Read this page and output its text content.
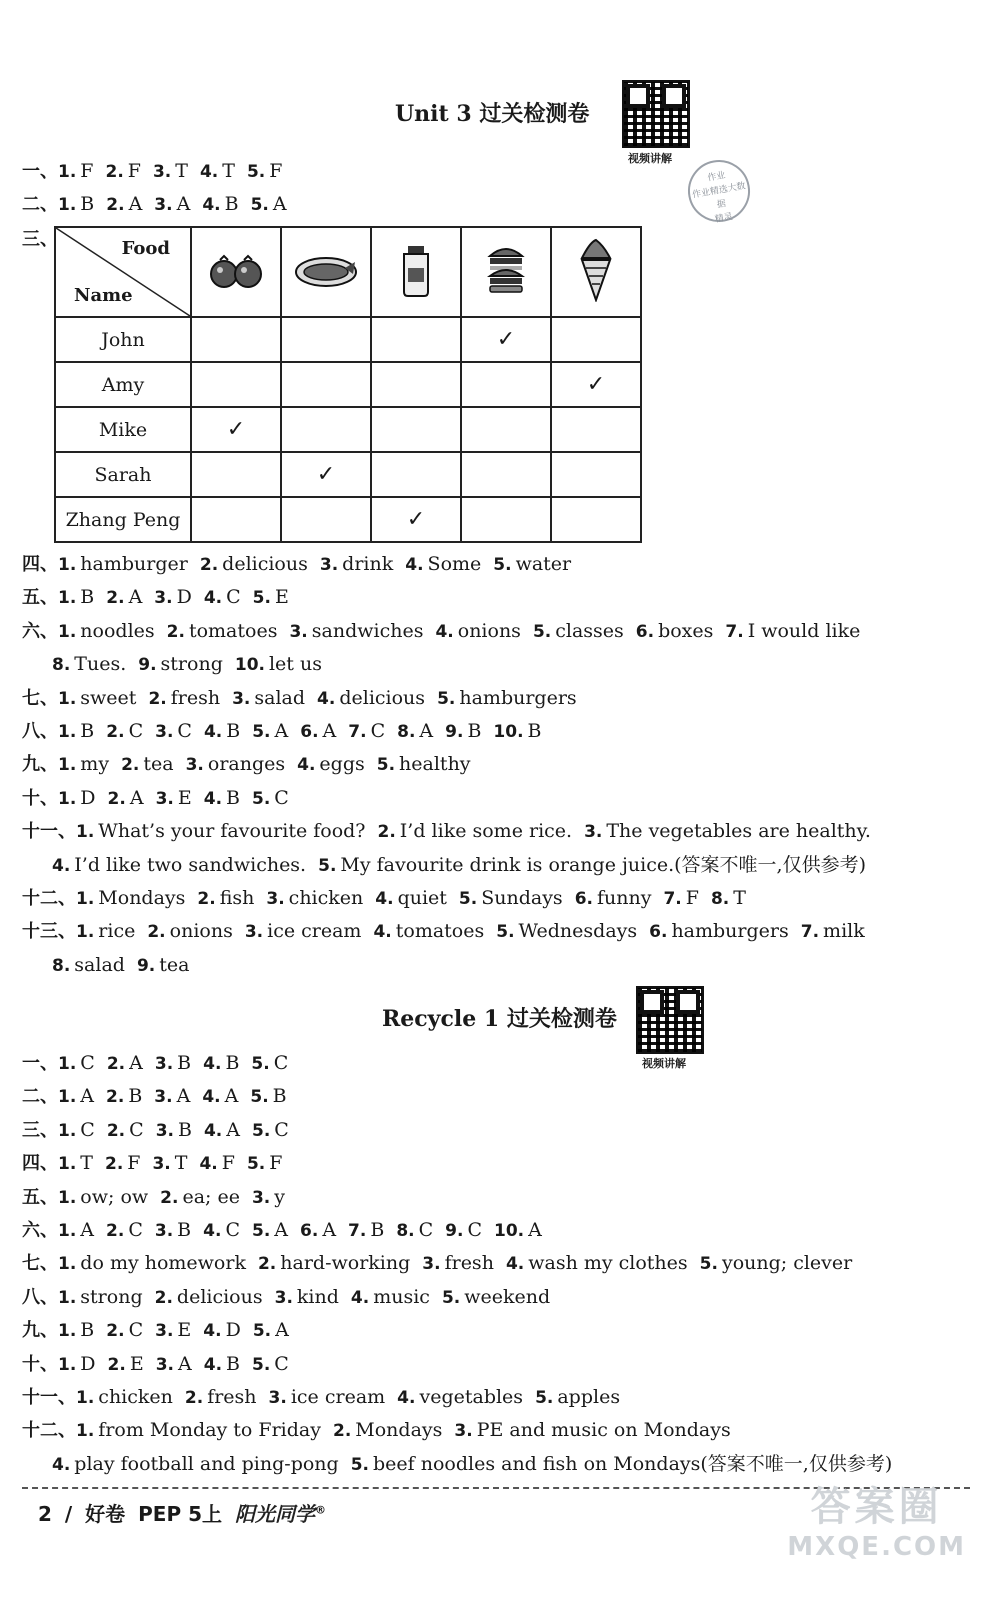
Unit 3 过关检测卷
视频讲解
作业
作业精选大数据
精灵
一、1. F 2. F 3. T 4. T 5. F
二、1. B 2. A 3. A 4. B 5. A
三、	Food
Name

John				✓	
Amy					✓
Mike	✓				
Sarah		✓			
Zhang Peng			✓		
四、1. hamburger 2. delicious 3. drink 4. Some 5. water
五、1. B 2. A 3. D 4. C 5. E
六、1. noodles 2. tomatoes 3. sandwiches 4. onions 5. classes 6. boxes 7. I would like
8. Tues. 9. strong 10. let us
七、1. sweet 2. fresh 3. salad 4. delicious 5. hamburgers
八、1. B 2. C 3. C 4. B 5. A 6. A 7. C 8. A 9. B 10. B
九、1. my 2. tea 3. oranges 4. eggs 5. healthy
十、1. D 2. A 3. E 4. B 5. C
十一、1. What’s your favourite food? 2. I’d like some rice. 3. The vegetables are healthy.
4. I’d like two sandwiches. 5. My favourite drink is orange juice.(答案不唯一,仅供参考)
十二、1. Mondays 2. fish 3. chicken 4. quiet 5. Sundays 6. funny 7. F 8. T
十三、1. rice 2. onions 3. ice cream 4. tomatoes 5. Wednesdays 6. hamburgers 7. milk
8. salad 9. tea
Recycle 1 过关检测卷
视频讲解
一、1. C 2. A 3. B 4. B 5. C
二、1. A 2. B 3. A 4. A 5. B
三、1. C 2. C 3. B 4. A 5. C
四、1. T 2. F 3. T 4. F 5. F
五、1. ow; ow 2. ea; ee 3. y
六、1. A 2. C 3. B 4. C 5. A 6. A 7. B 8. C 9. C 10. A
七、1. do my homework 2. hard-working 3. fresh 4. wash my clothes 5. young; clever
八、1. strong 2. delicious 3. kind 4. music 5. weekend
九、1. B 2. C 3. E 4. D 5. A
十、1. D 2. E 3. A 4. B 5. C
十一、1. chicken 2. fresh 3. ice cream 4. vegetables 5. apples
十二、1. from Monday to Friday 2. Mondays 3. PE and music on Mondays
4. play football and ping-pong 5. beef noodles and fish on Mondays(答案不唯一,仅供参考)
2 / 好卷 PEP 5上 阳光同学®	答案圈
MXQE.COM
